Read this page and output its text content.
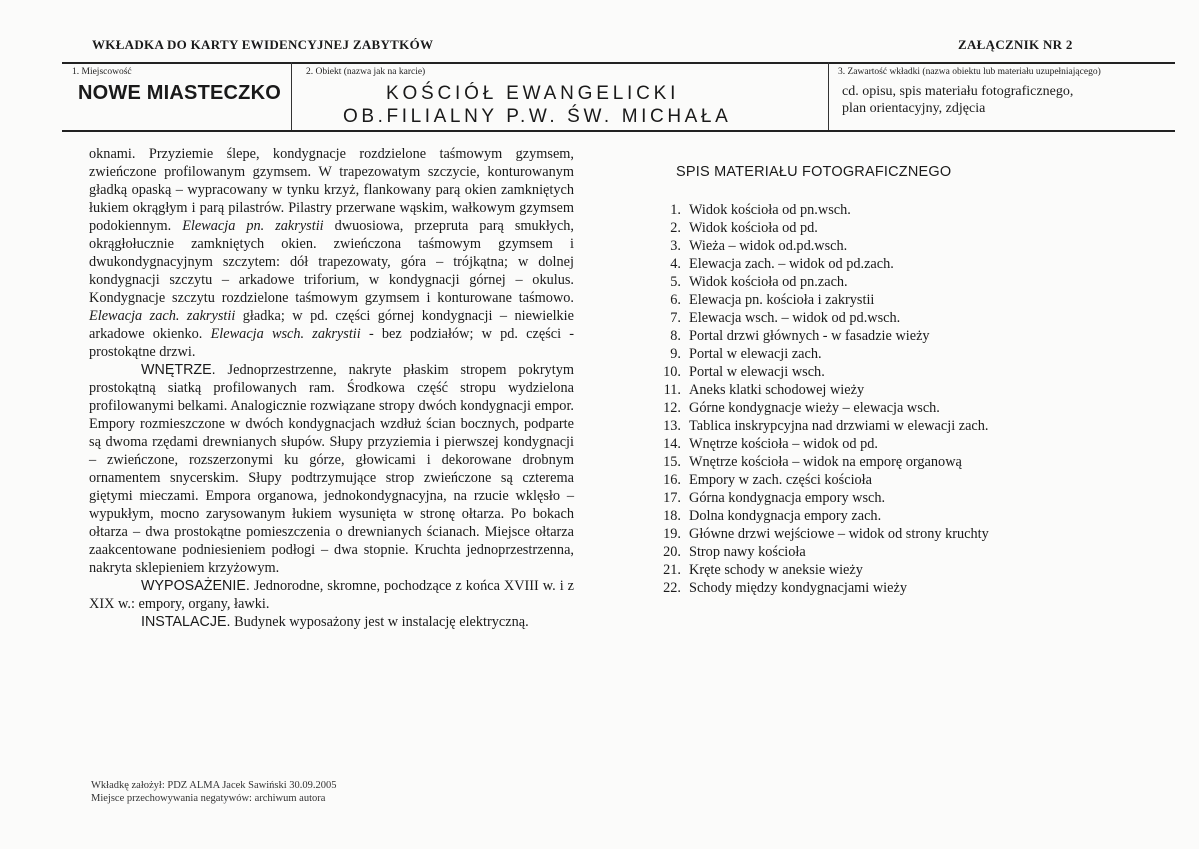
WKŁADKA DO KARTY EWIDENCYJNEJ ZABYTKÓW	ZAŁĄCZNIK NR 2
1. Miejscowość
NOWE MIASTECZKO
2. Obiekt (nazwa jak na karcie)
KOŚCIÓŁ EWANGELICKI
OB.FILIALNY P.W. ŚW. MICHAŁA
3. Zawartość wkładki (nazwa obiektu lub materiału uzupełniającego)
cd. opisu, spis materiału fotograficznego,
plan orientacyjny, zdjęcia

oknami. Przyziemie ślepe, kondygnacje rozdzielone taśmowym gzymsem, zwieńczone profilowanym gzymsem. W trapezowatym szczycie, konturowanym gładką opaską – wypracowany w tynku krzyż, flankowany parą okien zamkniętych łukiem okrągłym i parą pilastrów. Pilastry przerwane wąskim, wałkowym gzymsem podokiennym. Elewacja pn. zakrystii dwuosiowa, przepruta parą smukłych, okrągłołucznie zamkniętych okien. zwieńczona taśmowym gzymsem i dwukondygnacyjnym szczytem: dół trapezowaty, góra – trójkątna; w dolnej kondygnacji szczytu – arkadowe triforium, w kondygnacji górnej – okulus. Kondygnacje szczytu rozdzielone taśmowym gzymsem i konturowane taśmowo. Elewacja zach. zakrystii gładka; w pd. części górnej kondygnacji – niewielkie arkadowe okienko. Elewacja wsch. zakrystii - bez podziałów; w pd. części - prostokątne drzwi.

WNĘTRZE. Jednoprzestrzenne, nakryte płaskim stropem pokrytym prostokątną siatką profilowanych ram. Środkowa część stropu wydzielona profilowanymi belkami. Analogicznie rozwiązane stropy dwóch kondygnacji empor. Empory rozmieszczone w dwóch kondygnacjach wzdłuż ścian bocznych, podparte są dwoma rzędami drewnianych słupów. Słupy przyziemia i pierwszej kondygnacji – zwieńczone, rozszerzonymi ku górze, głowicami i dekorowane drobnym ornamentem snycerskim. Słupy podtrzymujące strop zwieńczone są czterema giętymi mieczami. Empora organowa, jednokondygnacyjna, na rzucie wklęsło – wypukłym, mocno zarysowanym łukiem wysunięta w stronę ołtarza. Po bokach ołtarza – dwa prostokątne pomieszczenia o drewnianych ścianach. Miejsce ołtarza zaakcentowane podniesieniem podłogi – dwa stopnie. Kruchta jednoprzestrzenna, nakryta sklepieniem krzyżowym.

WYPOSAŻENIE. Jednorodne, skromne, pochodzące z końca XVIII w. i z XIX w.: empory, organy, ławki.

INSTALACJE. Budynek wyposażony jest w instalację elektryczną.

SPIS MATERIAŁU FOTOGRAFICZNEGO
1. Widok kościoła od pn.wsch.
2. Widok kościoła od pd.
3. Wieża – widok od.pd.wsch.
4. Elewacja zach. – widok od pd.zach.
5. Widok kościoła od pn.zach.
6. Elewacja pn. kościoła i zakrystii
7. Elewacja wsch. – widok od pd.wsch.
8. Portal drzwi głównych - w fasadzie wieży
9. Portal w elewacji zach.
10. Portal w elewacji wsch.
11. Aneks klatki schodowej wieży
12. Górne kondygnacje wieży – elewacja wsch.
13. Tablica inskrypcyjna nad drzwiami w elewacji zach.
14. Wnętrze kościoła – widok od pd.
15. Wnętrze kościoła – widok na emporę organową
16. Empory w zach. części kościoła
17. Górna kondygnacja empory wsch.
18. Dolna kondygnacja empory zach.
19. Główne drzwi wejściowe – widok od strony kruchty
20. Strop nawy kościoła
21. Kręte schody w aneksie wieży
22. Schody między kondygnacjami wieży
Wkładkę założył: PDZ ALMA Jacek Sawiński 30.09.2005
Miejsce przechowywania negatywów: archiwum autora
